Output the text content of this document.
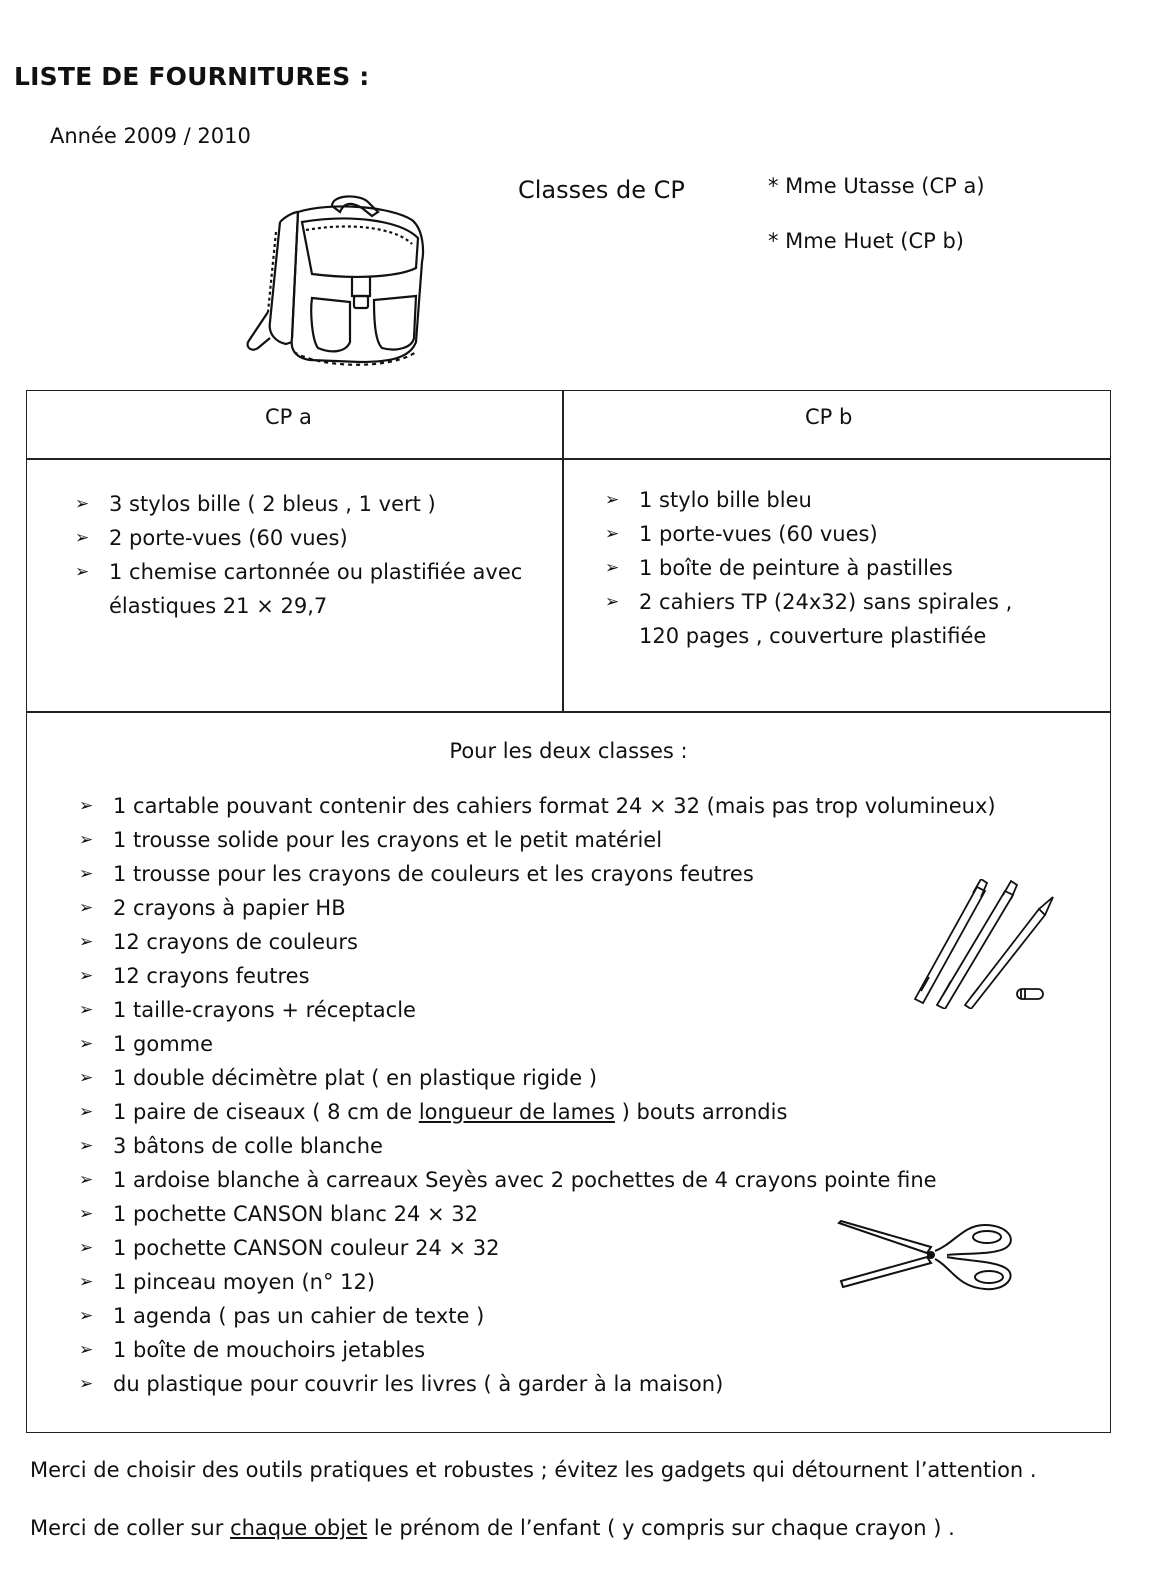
LISTE DE FOURNITURES :
Année 2009 / 2010
Classes de CP	* Mme Utasse (CP a)
* Mme Huet (CP b)
CP a	CP b
➢ 3 stylos bille ( 2 bleus , 1 vert )
➢ 2 porte-vues (60 vues)
➢ 1 chemise cartonnée ou plastifiée avec
élastiques 21 × 29,7
➢ 1 stylo bille bleu
➢ 1 porte-vues (60 vues)
➢ 1 boîte de peinture à pastilles
➢ 2 cahiers TP (24x32) sans spirales ,
120 pages , couverture plastifiée
Pour les deux classes :
➢ 1 cartable pouvant contenir des cahiers format 24 × 32 (mais pas trop volumineux)
➢ 1 trousse solide pour les crayons et le petit matériel
➢ 1 trousse pour les crayons de couleurs et les crayons feutres
➢ 2 crayons à papier HB
➢ 12 crayons de couleurs
➢ 12 crayons feutres
➢ 1 taille-crayons + réceptacle
➢ 1 gomme
➢ 1 double décimètre plat ( en plastique rigide )
➢ 1 paire de ciseaux ( 8 cm de longueur de lames ) bouts arrondis
➢ 3 bâtons de colle blanche
➢ 1 ardoise blanche à carreaux Seyès avec 2 pochettes de 4 crayons pointe fine
➢ 1 pochette CANSON blanc 24 × 32
➢ 1 pochette CANSON couleur 24 × 32
➢ 1 pinceau moyen (n° 12)
➢ 1 agenda ( pas un cahier de texte )
➢ 1 boîte de mouchoirs jetables
➢ du plastique pour couvrir les livres ( à garder à la maison)
Merci de choisir des outils pratiques et robustes ; évitez les gadgets qui détournent l’attention .
Merci de coller sur chaque objet le prénom de l’enfant ( y compris sur chaque crayon ) .
